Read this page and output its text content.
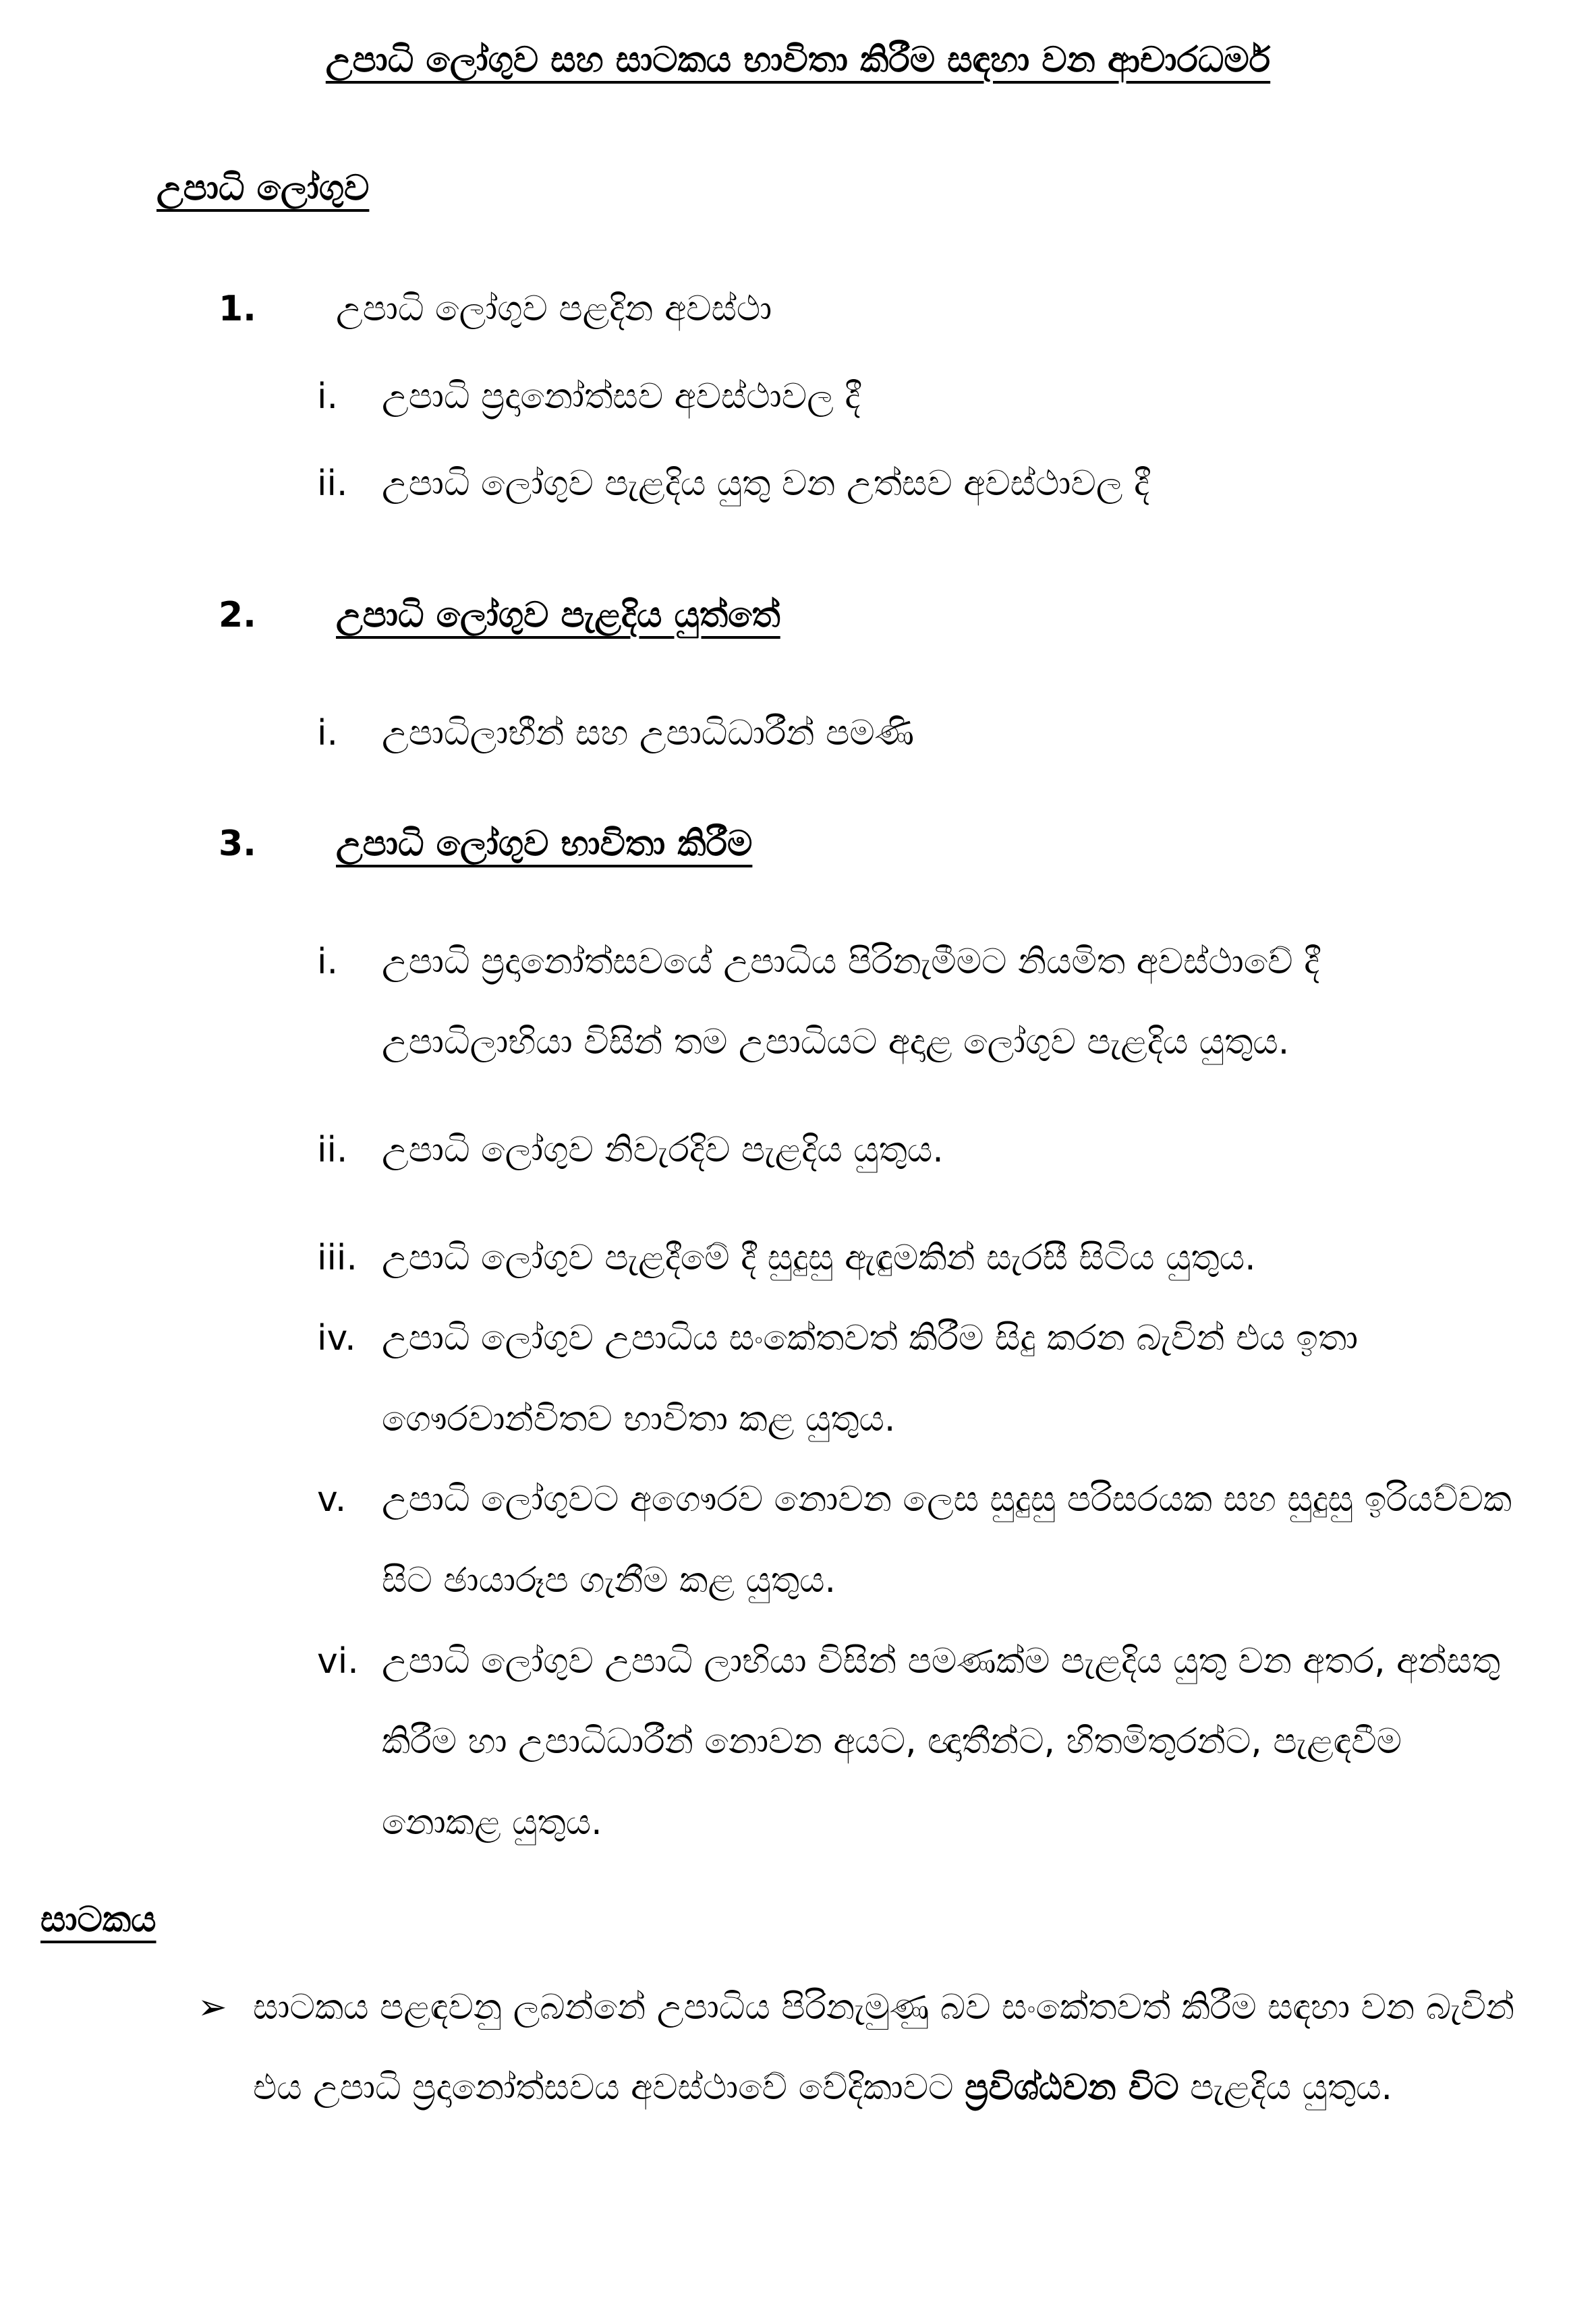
උපාධි ලෝගුව සහ සාටකය භාවිතා කිරීම සඳහා වන ආචාරධර්ම
උපාධි ලෝගුව
1.	උපාධි ලෝගුව පළදින අවස්ථා
i.	උපාධි ප්‍රදානෝත්සව අවස්ථාවල දී
ii. උපාධි ලෝගුව පැළදිය යුතු වන උත්සව අවස්ථාවල දී
2.	උපාධි ලෝගුව පැළදිය යුත්තේ
i.	උපාධිලාභීන් සහ උපාධිධාරීන් පමණි
3.	උපාධි ලෝගුව භාවිතා කිරීම
i.	උපාධි ප්‍රදානෝත්සවයේ උපාධිය පිරිනැමීමට නියමිත අවස්ථාවේ දී උපාධිලාභියා විසින් තම උපාධියට අදාළ ලෝගුව පැළදිය යුතුය.
ii. උපාධි ලෝගුව නිවැරදිව පැළදිය යුතුය.
iii. උපාධි ලෝගුව පැළදීමේ දී සුදුසු ඇඳුමකින් සැරසී සිටිය යුතුය.
iv. උපාධි ලෝගුව උපාධිය සංකේතවත් කිරීම සිදු කරන බැවින් එය ඉතා ගෞරවාන්විතව භාවිතා කළ යුතුය.
v.	උපාධි ලෝගුවට අගෞරව නොවන ලෙස සුදුසු පරිසරයක සහ සුදුසු ඉරියව්වක සිට ඡායාරූප ගැනීම කළ යුතුය.
vi. උපාධි ලෝගුව උපාධි ලාභියා විසින් පමණක්ම පැළදිය යුතු වන අතර, අන්සතු කිරීම හා උපාධිධාරීන් නොවන අයට, ඥාතීන්ට, හිතමිතුරන්ට, පැළඳවීම නොකළ යුතුය.
සාටකය
➢ සාටකය පළඳවනු ලබන්නේ උපාධිය පිරිනැමුණු බව සංකේතවත් කිරීම සඳහා වන බැවින් එය උපාධි ප්‍රදානෝත්සවය අවස්ථාවේ වේදිකාවට ප්‍රවිශ්ඨවන විට පැළදිය යුතුය.
